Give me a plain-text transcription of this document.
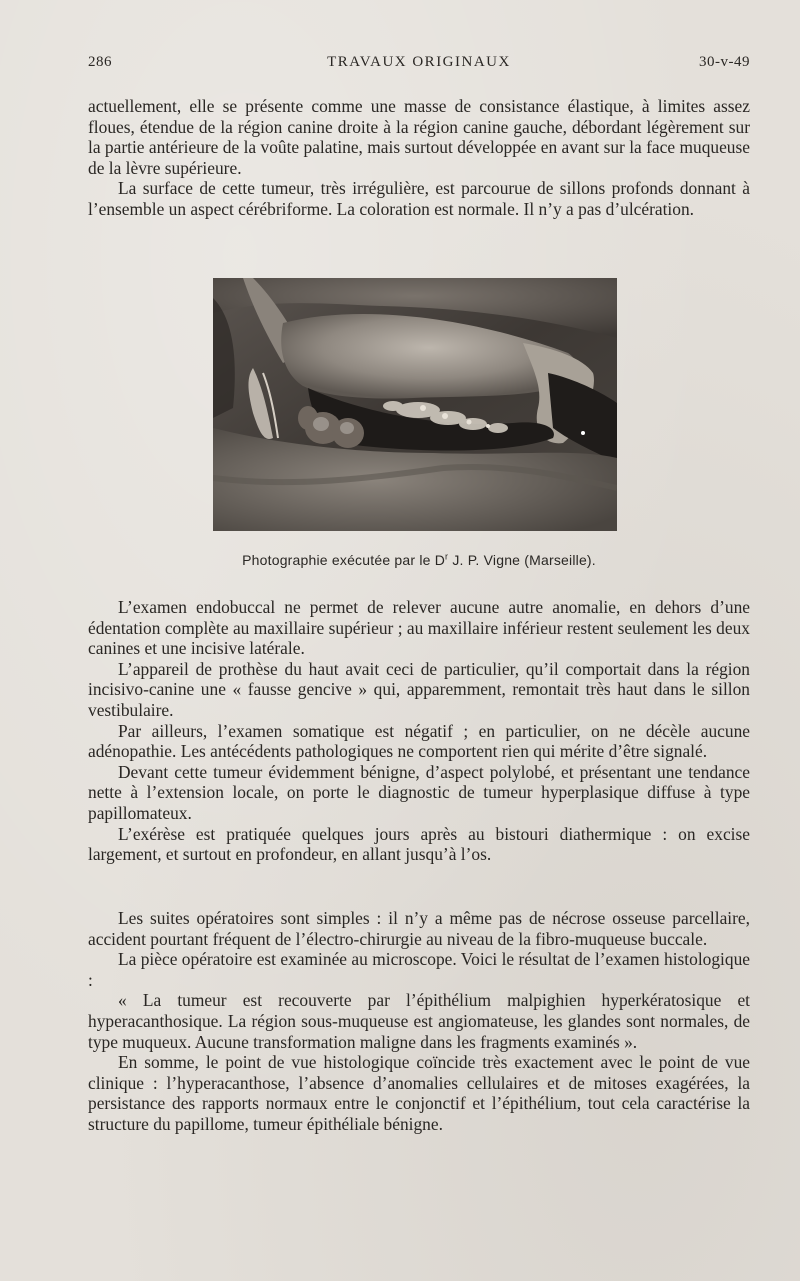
286	TRAVAUX ORIGINAUX	30-v-49

actuellement, elle se présente comme une masse de consistance élastique, à limites assez floues, étendue de la région canine droite à la région canine gauche, débordant légèrement sur la partie antérieure de la voûte palatine, mais surtout développée en avant sur la face muqueuse de la lèvre supérieure.

La surface de cette tumeur, très irrégulière, est parcourue de sillons profonds donnant à l’ensemble un aspect cérébriforme. La coloration est normale. Il n’y a pas d’ulcération.

Photographie exécutée par le $D^r$ J. P. Vigne (Marseille).

L’examen endobuccal ne permet de relever aucune autre anomalie, en dehors d’une édentation complète au maxillaire supérieur ; au maxillaire inférieur restent seulement les deux canines et une incisive latérale.

L’appareil de prothèse du haut avait ceci de particulier, qu’il comportait dans la région incisivo-canine une « fausse gencive » qui, apparemment, remontait très haut dans le sillon vestibulaire.

Par ailleurs, l’examen somatique est négatif ; en particulier, on ne décèle aucune adénopathie. Les antécédents pathologiques ne comportent rien qui mérite d’être signalé.

Devant cette tumeur évidemment bénigne, d’aspect polylobé, et présentant une tendance nette à l’extension locale, on porte le diagnostic de tumeur hyperplasique diffuse à type papillomateux.

L’exérèse est pratiquée quelques jours après au bistouri diathermique : on excise largement, et surtout en profondeur, en allant jusqu’à l’os.

Les suites opératoires sont simples : il n’y a même pas de nécrose osseuse parcellaire, accident pourtant fréquent de l’électro-chirurgie au niveau de la fibro-muqueuse buccale.

La pièce opératoire est examinée au microscope. Voici le résultat de l’examen histologique :

« La tumeur est recouverte par l’épithélium malpighien hyperkératosique et hyperacanthosique. La région sous-muqueuse est angiomateuse, les glandes sont normales, de type muqueux. Aucune transformation maligne dans les fragments examinés ».

En somme, le point de vue histologique coïncide très exactement avec le point de vue clinique : l’hyperacanthose, l’absence d’anomalies cellulaires et de mitoses exagérées, la persistance des rapports normaux entre le conjonctif et l’épithélium, tout cela caractérise la structure du papillome, tumeur épithéliale bénigne.
